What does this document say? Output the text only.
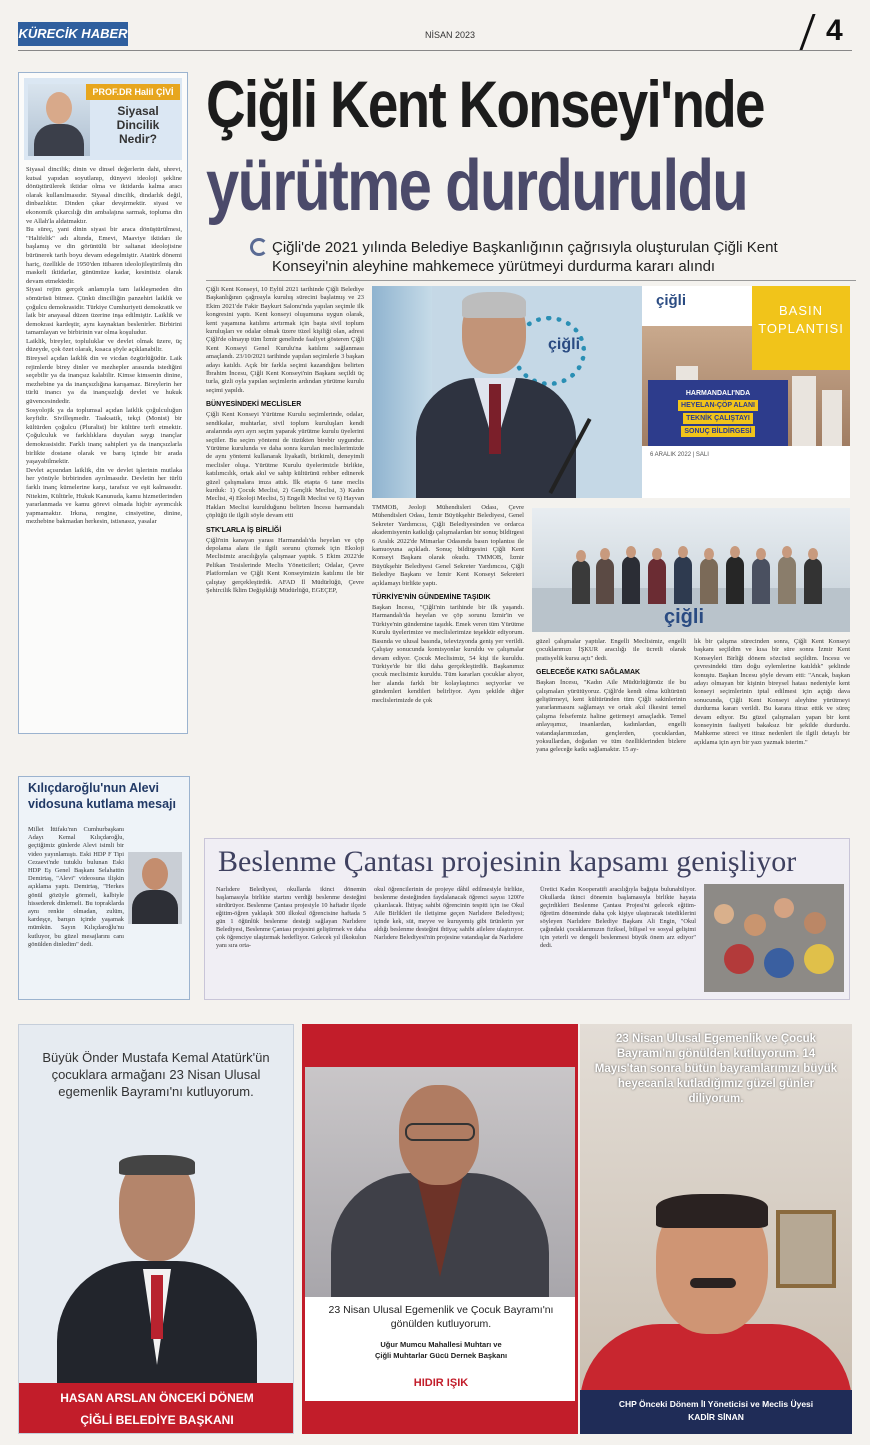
KÜRECİK HABER	NİSAN 2023	4
PROF.DR Halil ÇİVİ
Siyasal
Dincilik
Nedir?
Siyasal dincilik; dinin ve dinsel değerlerin dahi, uhrevi, kutsal yapıdan soyutlanıp, dünyevi ideoloji şekline dönüştürülerek iktidar olma ve iktidarda kalma aracı olarak kullanılmasıdır. Siyasal dincilik, dindarlık değil, dinbazlıktır. Dinden çıkar devşirmektir. siyasi ve ekonomik çıkarcılığı din ambalajına sarmak, topluma din ve Allah'la aldatmaktır.
Bu süreç, yani dinin siyasi bir araca dönüştürülmesi, "Halifelik" adı altında, Emevi, Maaviye iktidarı ile başlamış ve din görüntülü bir saltanat ideolojisine bürünerek tarih boyu devam edegelmiştir. Atatürk dönemi hariç, özellikle de 1950'den itibaren ideolojileştirilmiş din maskeli iktidarlar, günümüze kadar, kesintisiz olarak devam etmektedir.
Siyasi rejim gerçek anlamıyla tam laikleşmeden din sömürüsü bitmez. Çünkü dincilliğin panzehiri laiklik ve çoğulcu demokrasidir. Türkiye Cumhuriyeti demokratik ve laik bir anayasal düzen üzerine inşa edilmiştir. Laiklik ve demokrasi kardeştir, aynı kaynaktan beslenirler. Birbirini tamamlayan ve birbirinin var olma koşuludur.
Laiklik, bireyler, topluluklar ve devlet olmak üzere, üç düzeyde, çok özet olarak, kısaca şöyle açıklanabilir.
Bireysel açıdan laiklik din ve vicdan özgürlüğüdür. Laik rejimlerde birey dinler ve mezhepler arasında istediğini seçebilir ya da inançsız kalabilir. Kimse kimsenin dinine, mezhebine ya da inançsızlığına karışamaz. Bireylerin her türlü inancı ya da inançsızlığı devlet ve hukuk güvencesindedir.
Sosyolojik ya da toplumsal açıdan laiklik çoğulculuğun keyfidir. Sivilleşmedir. Taaksatik, tekçi (Monist) bir kültürden çoğulcu (Pluralist) bir kültüre terfi etmektir. Çoğulculuk ve farklılıklara duyulan saygı inançlar demokrasisidir. Farklı inanç sahipleri ya da inançsızlarla birlikte dostane olarak ve barış içinde bir arada yaşayabilmektir.
Devlet açısından laiklik, din ve devlet işlerinin mutlaka her yönüyle birbirinden ayrılmasıdır. Devletin her türlü farklı inanç kümelerine karşı, tarafsız ve eşit kalmasıdır. Nitekim, Kültürle, Hukuk Kanunuda, kamu hizmetlerinden yararlanmada ve kamu görevi olmada hiçbir ayrımcılık yapmamaktır. Irkına, rengine, cinsiyetine, dinine, mezhebine bakmadan herkesin, istisnasız, yasalar
Çiğli Kent Konseyi'nde
yürütme durduruldu
Çiğli'de 2021 yılında Belediye Başkanlığının çağrısıyla oluşturulan Çiğli Kent Konseyi'nin aleyhine mahkemece yürütmeyi durdurma kararı alındı
Çiğli Kent Konseyi, 10 Eylül 2021 tarihinde Çiğli Belediye Başkanlığının çağrısıyla kuruluş sürecini başlatmış ve 23 Ekim 2021'de Fakir Baykurt Salonu'nda yapılan seçimle ilk kongresini yaptı. Kent konseyi oluşumuna uygun olarak, kent yaşamına katılımı artırmak için başta sivil toplum kuruluşları ve odalar olmak üzere tüzel kişiliği olan, adresi Çiğli'de olmayıp tüm İzmir genelinde faaliyet gösteren Çiğli Kent Konseyi Genel Kurulu'na katılımı sağlanması amaçlandı. 23/10/2021 tarihinde yapılan seçimlerle 3 başkan adayı katıldı. Açık bir farkla seçimi kazandığını belirten İbrahim İncesu, Çiğli Kent Konseyi'nin Başkanı seçildi üç turla, gizli oyla yapılan seçimlerin ardından yürütme kurulu seçimi yapıldı.
BÜNYESİNDEKİ MECLİSLER
Çiğli Kent Konseyi Yürütme Kurulu seçimlerinde, odalar, sendikalar, muhtarlar, sivil toplum kuruluşları kendi aralarında ayrı ayrı seçim yaparak yürütme kurulu üyelerini seçtiler. Bu seçim yöntemi de tüzükten birebir uygundur. Yürütme kurulunda ve daha sonra kurulan meclislerimizde de aynı yöntemi kullanarak liyakatli, birikimli, deneyimli meclisler oluşa. Yürütme Kurulu üyelerimizle birlikte, katılımcılık, ortak akıl ve sahip kültürünü rehber edinerek güzel çalışmalara imza attık. İlk etapta 6 tane meclis kurduk: 1) Çocuk Meclisi, 2) Gençlik Meclisi, 3) Kadın Meclisi, 4) Ekoloji Meclisi, 5) Engelli Meclisi ve 6) Hayvan Hakları Meclisi kurulduğunu belirten İncesu harmandalı çöplüğü ile ilgili söyle devam etti
STK'LARLA İŞ BİRLİĞİ
Çiğli'nin kanayan yarası Harmandalı'da heyelan ve çöp depolama alanı ile ilgili sorunu çözmek için Ekoloji Meclisimiz aracılığıyla çalışmaar yaptık. 5 Ekim 2022'de Pelikan Tesislerinde Meclis Yöneticileri; Odalar, Çevre Platformları ve Çiğli Kent Konseyimizin katılımı ile bir çalıştay gerçekleştirdik. AFAD İl Müdürlüğü, Çevre Şehircilik İklim Değişikliği Müdürlüğü, EGEÇEP,
çiğli
çiğli
BASIN
TOPLANTISI
HARMANDALI'NDA
HEYELAN-ÇÖP ALANI
TEKNİK ÇALIŞTAYI
SONUÇ BİLDİRGESİ
6 ARALIK 2022 | SALI
TMMOB, Jeoloji Mühendisleri Odası, Çevre Mühendisleri Odası, İzmir Büyükşehir Belediyesi, Genel Sekreter Yardımcısı, Çiğli Belediyesinden ve ordarca akademisyenin katkılığı çalışmalardan bir sonuç bildirgesi 6 Aralık 2022'de Mimarlar Odasında basın toplantısı ile kamuoyuna açıkladı. Sonuç bildirgesini Çiğli Kent Konseyi Başkanı olarak okudu. TMMOB, İzmir Büyükşehir Belediyesi Genel Sekreter Yardımcısı, Çiğli Belediye Başkanı ve İzmir Kent Konseyi Sekreteri açıklamayı birlikte yaptı.
TÜRKİYE'NİN GÜNDEMİNE TAŞIDIK
Başkan İncesu, "Çiğli'nin tarihinde bir ilk yaşandı. Harmandalı'da heyelan ve çöp sorunu İzmir'in ve Türkiye'nin gündemine taşıdık. Emek veren tüm Yürütme Kurulu üyelerimize ve meclislerimize teşekkür ediyorum. Basında ve ulusal basında, televizyonda geniş yer verildi. Çalıştay sonucunda komisyonlar kuruldu ve çalışmalar devam ediyor. Çocuk Meclisimiz, 54 kişi ile kuruldu. Türkiye'de bir ilki daha gerçekleştirdik. Başkanımız çocuk meclisimiz kuruldu. Tüm kararları çocuklar alıyor, her alanda farklı bir kolaylaştırıcı seçiyorlar ve gündemleri kendileri belirliyor. Aynı şekilde diğer meclislerimizde de çok
çiğli
güzel çalışmalar yaptılar. Engelli Meclisimiz, engelli çocuklarımızı İŞKUR aracılığı ile ücretli olarak pratisyelik kursu açtı" dedi.
GELECEĞE KATKI SAĞLAMAK
Başkan İncesu, "Kadın Aile Müdürlüğümüz ile bu çalışmaları yürütüyoruz. Çiğli'de kendi olma kültürünü geliştirmeyi, kent kültüründen tüm Çiğli sakinlerinin yararlanmasını sağlamayı ve ortak akıl ilkesini temel çalışma felsefemiz haline getirmeyi amaçladık. Temel anlayışımız, insanlardan, kadınlardan, engelli vatandaşlarımızdan, gençlerden, çocuklardan, yoksullardan, doğadan ve tüm özelliklerinden bizlere yana geleceğe katkı sağlamaktır. 15 ay-
lık bir çalışma sürecinden sonra, Çiğli Kent Konseyi başkanı seçildim ve kısa bir süre sonra İzmir Kent Konseyleri Birliği dönem sözcüsü seçildim. İncesu ve çevresindeki tüm doğu eylemlerine katıldık" şeklinde konuştu. Başkan İncesu şöyle devam etti: "Ancak, başkan adayı olmayan bir kişinin bireysel hatası nedeniyle kent konseyi seçimlerinin iptal edilmesi için açtığı dava sonucunda, Çiğli Kent Konseyi aleyhine yürütmeyi durdurma kararı verildi. Bu karara itiraz ettik ve süreç devam ediyor. Bu güzel çalışmaları yapan bir kent konseyinin faaliyeti bakaksız bir şekilde durdurdu. Mahkeme süreci ve itiraz nedenleri ile ilgili detaylı bir açıklama için ayrı bir yazı yazmak isterim."
Kılıçdaroğlu'nun Alevi vidosuna kutlama mesajı
Millet İttifakı'nın Cumhurbaşkanı Adayı Kemal Kılıçdaroğlu, geçtiğimiz günlerde Alevi isimli bir video yayınlamıştı. Eski HDP F Tipi Cezaevi'nde tutuklu bulunan Eski HDP Eş Genel Başkanı Selahattin Demirtaş, "Alevi" videosuna ilişkin açıklama yaptı. Demirtaş, "Herkes gönül gözüyle görmeli, kalbiyle hissederek dinlemeli. Bu topraklarda aynı renkte olmadan, zulüm, kardeşçe, barışın içinde yaşamak mümkün. Sayın Kılıçdaroğlu'nu kutluyor, bu güzel mesajlarını canı gönülden dinledim" dedi.
Beslenme Çantası projesinin kapsamı genişliyor
Narlıdere Belediyesi, okullarda ikinci dönemin başlamasıyla birlikte startını verdiği beslenme desteğini sürdürüyor. Beslenme Çantası projesiyle 10 haftadır ilçede eğitim-öğren yaklaşık 300 ilkokul öğrencisine haftada 5 gün 1 öğünlük beslenme desteği sağlayan Narlıdere Belediyesi, Beslenme Çantası projesini geliştirmek ve daha çok öğrenciye ulaştırmak hedefliyor. Gelecek yıl ilkokulun yanı sıra orta-
okul öğrencilerinin de projeye dâhil edilmesiyle birlikte, beslenme desteğinden faydalanacak öğrenci sayısı 1200'e çıkarılacak. İhtiyaç sahibi öğrencinin tespiti için ise Okul Aile Birlikleri ile iletişime geçen Narlıdere Belediyesi; içinde kek, süt, meyve ve kuruyemiş gibi ürünlerin yer aldığı beslenme desteğini ihtiyaç sahibi ailelere ulaştırıyor. Narlıdere Belediyesi'nin projesine vatandaşlar da Narlıdere
Üretici Kadın Kooperatifi aracılığıyla bağışta bulunabiliyor. Okullarda ikinci dönemin başlamasıyla birlikte hayata geçirdikleri Beslenme Çantası Projesi'ni gelecek eğitim-öğretim döneminde daha çok kişiye ulaştıracak istediklerini söyleyen Narlıdere Belediye Başkanı Ali Engin, "Okul çağındaki çocuklarımızın fiziksel, bilişsel ve sosyal gelişimi için yeterli ve dengeli beslenmesi büyük önem arz ediyor" dedi.
Büyük Önder Mustafa Kemal Atatürk'ün çocuklara armağanı 23 Nisan Ulusal egemenlik Bayramı'nı kutluyorum.
HASAN ARSLAN ÖNCEKİ DÖNEM
ÇİĞLİ BELEDİYE BAŞKANI
23 Nisan Ulusal Egemenlik ve Çocuk Bayramı'nı gönülden kutluyorum.
Uğur Mumcu Mahallesi Muhtarı ve
Çiğli Muhtarlar Gücü Dernek Başkanı
HIDIR IŞIK
23 Nisan Ulusal Egemenlik ve Çocuk Bayramı'nı gönülden kutluyorum. 14 Mayıs'tan sonra bütün bayramlarımızı büyük heyecanla kutladığımız güzel günler diliyorum.
CHP Önceki Dönem İl Yöneticisi ve Meclis Üyesi
KADİR SİNAN
